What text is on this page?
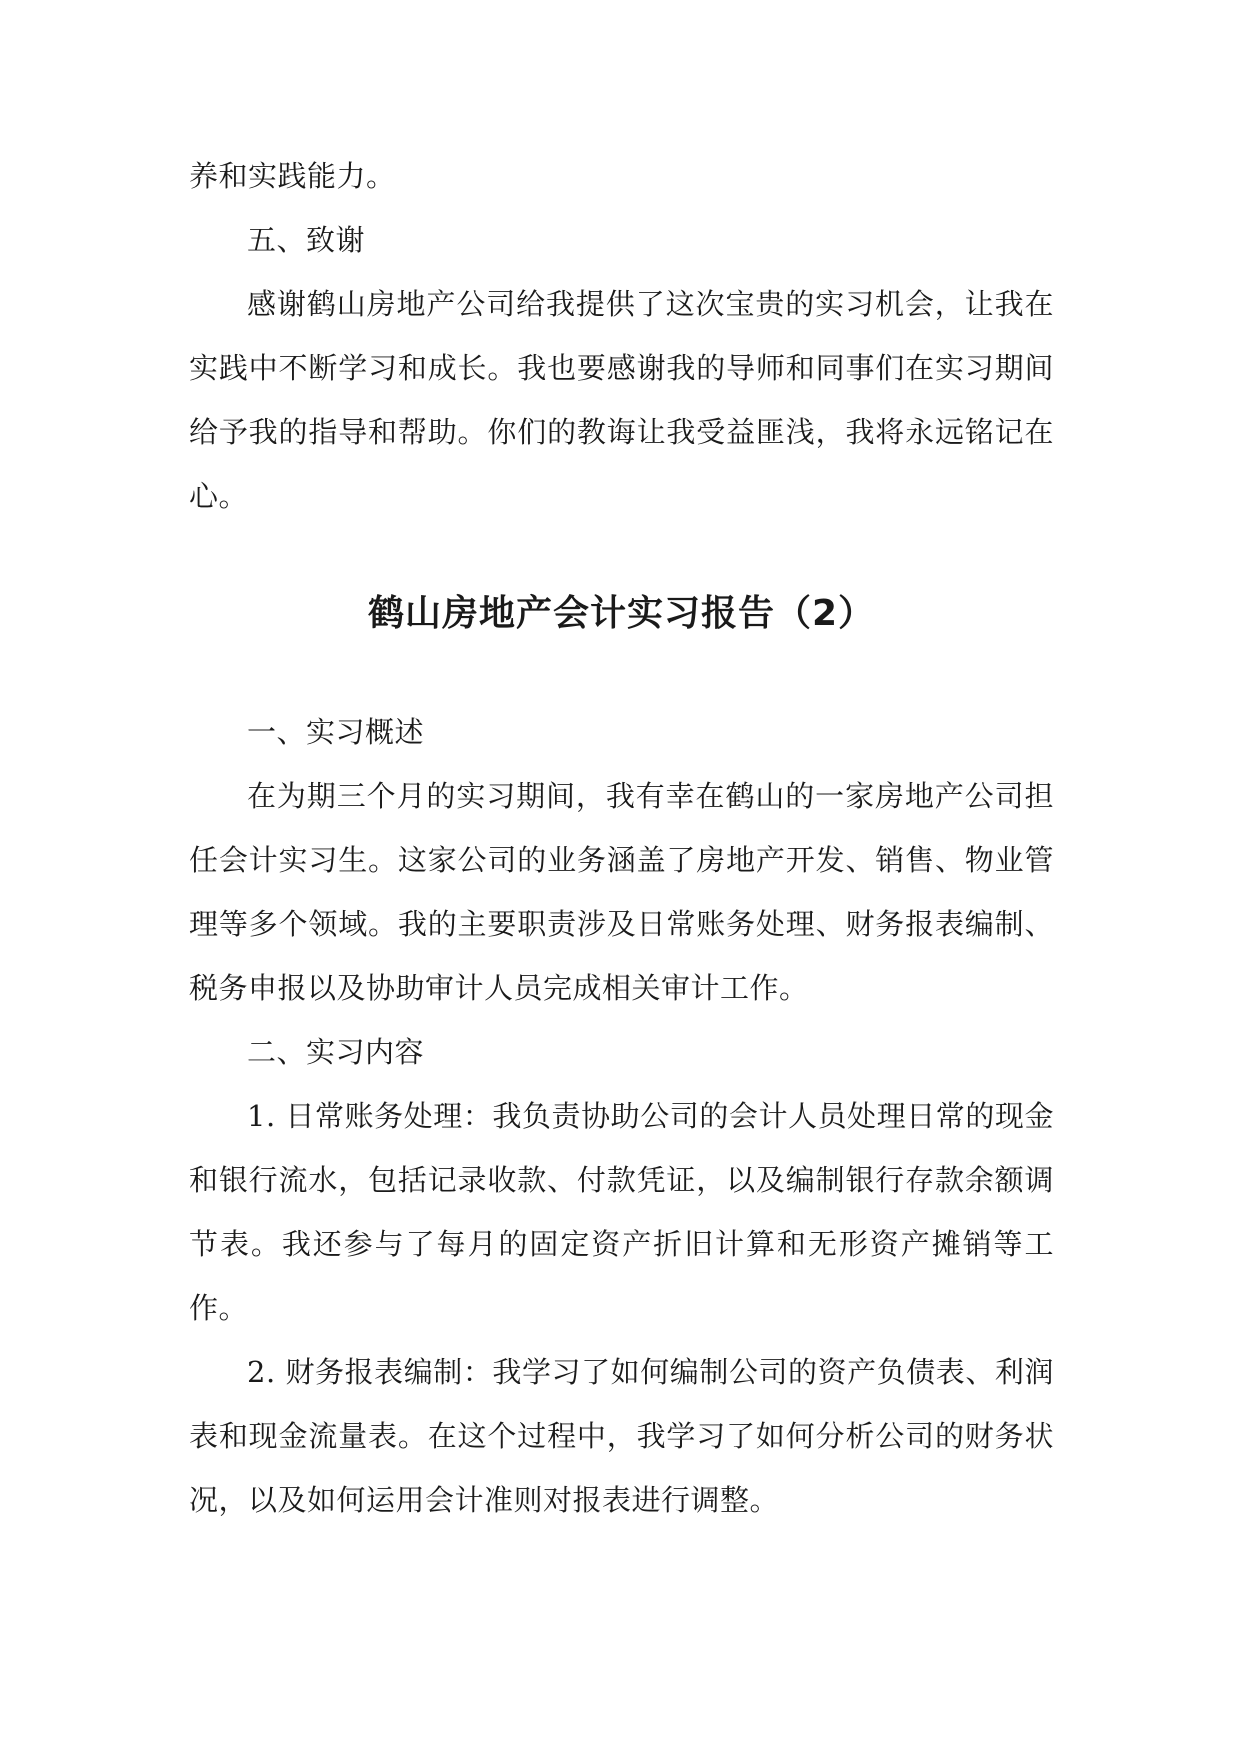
养和实践能力。

五、致谢

感谢鹤山房地产公司给我提供了这次宝贵的实习机会，让我在实践中不断学习和成长。我也要感谢我的导师和同事们在实习期间给予我的指导和帮助。你们的教诲让我受益匪浅，我将永远铭记在心。

鹤山房地产会计实习报告（2）

一、实习概述

在为期三个月的实习期间，我有幸在鹤山的一家房地产公司担任会计实习生。这家公司的业务涵盖了房地产开发、销售、物业管理等多个领域。我的主要职责涉及日常账务处理、财务报表编制、税务申报以及协助审计人员完成相关审计工作。

二、实习内容

1. 日常账务处理：我负责协助公司的会计人员处理日常的现金和银行流水，包括记录收款、付款凭证，以及编制银行存款余额调节表。我还参与了每月的固定资产折旧计算和无形资产摊销等工作。

2. 财务报表编制：我学习了如何编制公司的资产负债表、利润表和现金流量表。在这个过程中，我学习了如何分析公司的财务状况，以及如何运用会计准则对报表进行调整。
